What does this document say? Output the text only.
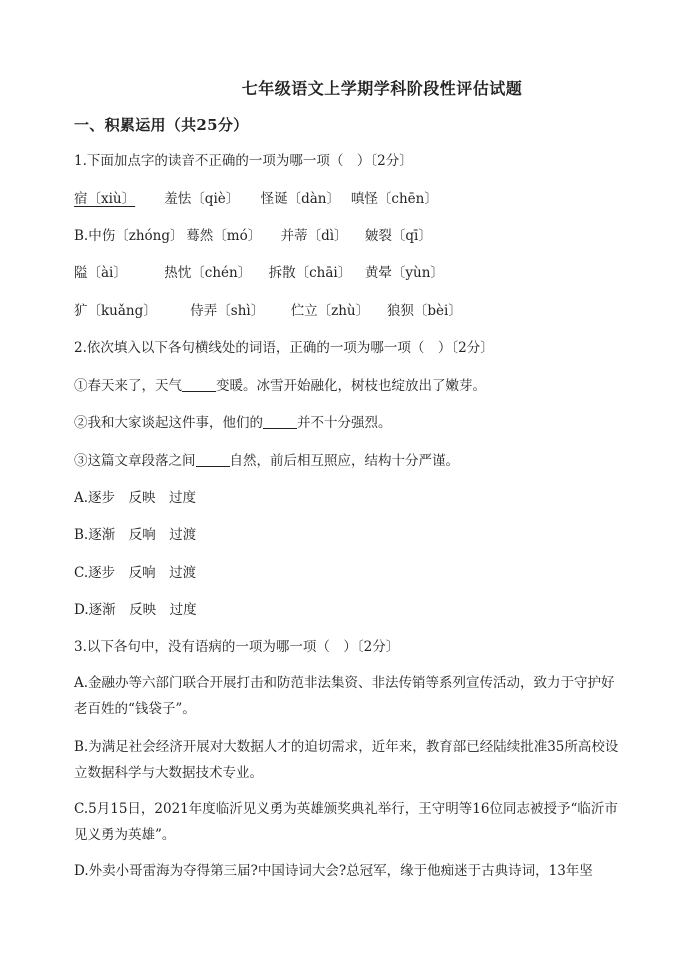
七年级语文上学期学科阶段性评估试题
一、积累运用（共25分）
1.下面加点字的读音不正确的一项为哪一项（　）〔2分〕
宿〔xiù〕 羞怯〔qiè〕 怪诞〔dàn〕 嗔怪〔chēn〕
B.中伤〔zhóng〕 蓦然〔mó〕 并蒂〔dì〕 皴裂〔qī〕
隘〔ài〕	热忱〔chén〕 拆散〔chāi〕 黄晕〔yùn〕
犷〔kuǎng〕 侍弄〔shì〕 伫立〔zhù〕 狼狈〔bèi〕
2.依次填入以下各句横线处的词语，正确的一项为哪一项（　）〔2分〕
①春天来了，天气	变暖。冰雪开始融化，树枝也绽放出了嫩芽。
②我和大家谈起这件事，他们的	并不十分强烈。
③这篇文章段落之间	自然，前后相互照应，结构十分严谨。
A.逐步　反映　过度
B.逐渐　反响　过渡
C.逐步　反响　过渡
D.逐渐　反映　过度
3.以下各句中，没有语病的一项为哪一项（　）〔2分〕
A.金融办等六部门联合开展打击和防范非法集资、非法传销等系列宣传活动，致力于守护好老百姓的“钱袋子”。
B.为满足社会经济开展对大数据人才的迫切需求，近年来，教育部已经陆续批准35所高校设立数据科学与大数据技术专业。
C.5月15日，2021年度临沂见义勇为英雄颁奖典礼举行，王守明等16位同志被授予“临沂市见义勇为英雄”。
D.外卖小哥雷海为夺得第三届?中国诗词大会?总冠军，缘于他痴迷于古典诗词，13年坚
